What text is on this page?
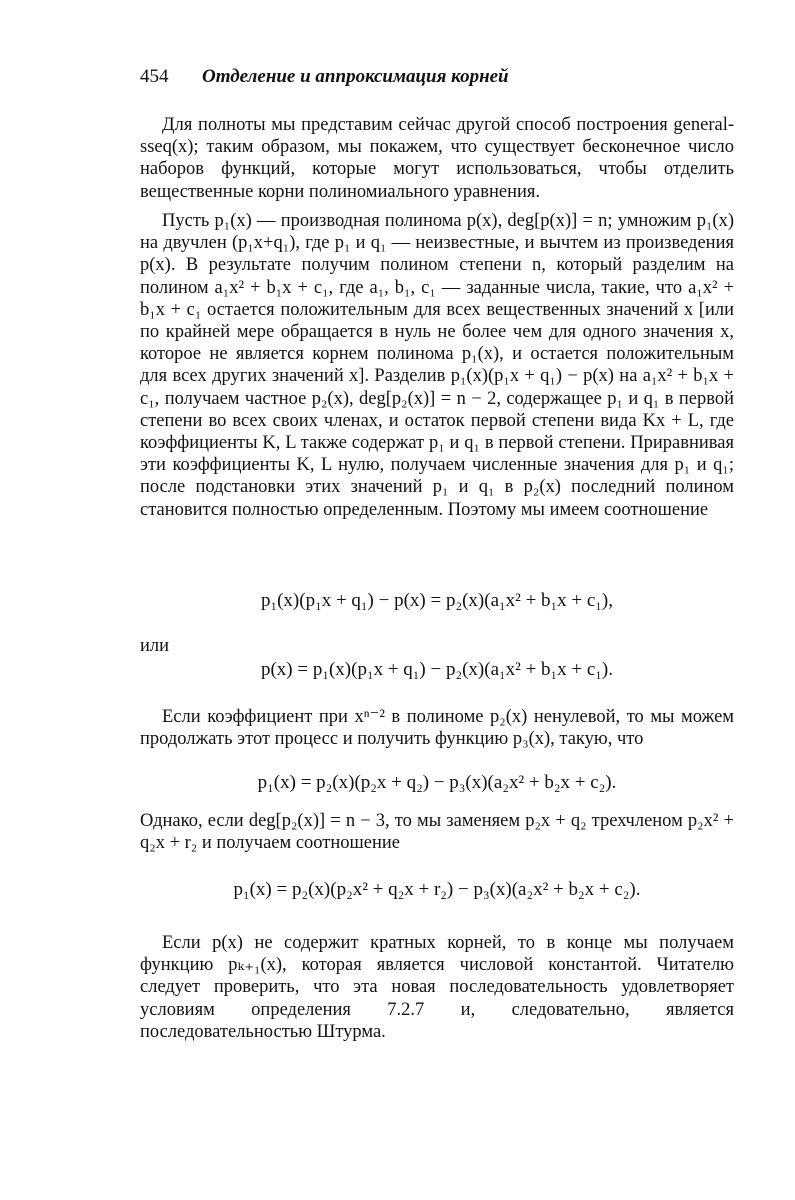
454 Отделение и аппроксимация корней

Для полноты мы представим сейчас другой способ построения general-sseq(x); таким образом, мы покажем, что существует бесконечное число наборов функций, которые могут использоваться, чтобы отделить вещественные корни полиномиального уравнения.

Пусть p₁(x) — производная полинома p(x), deg[p(x)] = n; умножим p₁(x) на двучлен (p₁x+q₁), где p₁ и q₁ — неизвестные, и вычтем из произведения p(x). В результате получим полином степени n, который разделим на полином a₁x² + b₁x + c₁, где a₁, b₁, c₁ — заданные числа, такие, что a₁x² + b₁x + c₁ остается положительным для всех вещественных значений x [или по крайней мере обращается в нуль не более чем для одного значения x, которое не является корнем полинома p₁(x), и остается положительным для всех других значений x]. Разделив p₁(x)(p₁x + q₁) − p(x) на a₁x² + b₁x + c₁, получаем частное p₂(x), deg[p₂(x)] = n − 2, содержащее p₁ и q₁ в первой степени во всех своих членах, и остаток первой степени вида Kx + L, где коэффициенты K, L также содержат p₁ и q₁ в первой степени. Приравнивая эти коэффициенты K, L нулю, получаем численные значения для p₁ и q₁; после подстановки этих значений p₁ и q₁ в p₂(x) последний полином становится полностью определенным. Поэтому мы имеем соотношение

p₁(x)(p₁x + q₁) − p(x) = p₂(x)(a₁x² + b₁x + c₁),

или

p(x) = p₁(x)(p₁x + q₁) − p₂(x)(a₁x² + b₁x + c₁).

Если коэффициент при xⁿ⁻² в полиноме p₂(x) ненулевой, то мы можем продолжать этот процесс и получить функцию p₃(x), такую, что

p₁(x) = p₂(x)(p₂x + q₂) − p₃(x)(a₂x² + b₂x + c₂).

Однако, если deg[p₂(x)] = n − 3, то мы заменяем p₂x + q₂ трехчленом p₂x² + q₂x + r₂ и получаем соотношение

p₁(x) = p₂(x)(p₂x² + q₂x + r₂) − p₃(x)(a₂x² + b₂x + c₂).

Если p(x) не содержит кратных корней, то в конце мы получаем функцию pₖ₊₁(x), которая является числовой константой. Читателю следует проверить, что эта новая последовательность удовлетворяет условиям определения 7.2.7 и, следовательно, является последовательностью Штурма.
